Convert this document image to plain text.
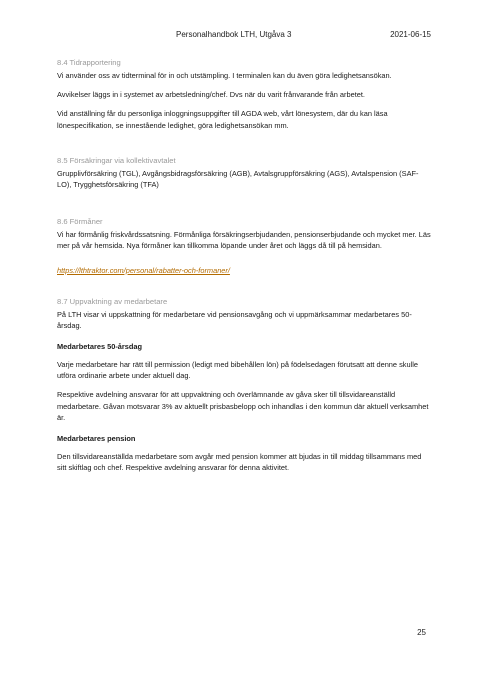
Personalhandbok LTH, Utgåva 3	2021-06-15
8.4 Tidrapportering

Vi använder oss av tidterminal för in och utstämpling. I terminalen kan du även göra ledighetsansökan.

Avvikelser läggs in i systemet av arbetsledning/chef. Dvs när du varit frånvarande från arbetet.

Vid anställning får du personliga inloggningsuppgifter till AGDA web, vårt lönesystem, där du kan läsa lönespecifikation, se innestående ledighet, göra ledighetsansökan mm.

8.5 Försäkringar via kollektivavtalet

Grupplivförsäkring (TGL), Avgångsbidragsförsäkring (AGB), Avtalsgruppförsäkring (AGS), Avtalspension (SAF-LO), Trygghetsförsäkring (TFA)

8.6 Förmåner

Vi har förmånlig friskvårdssatsning. Förmånliga försäkringserbjudanden, pensionserbjudande och mycket mer. Läs mer på vår hemsida. Nya förmåner kan tillkomma löpande under året och läggs då till på hemsidan.

https://lthtraktor.com/personal/rabatter-och-formaner/
8.7 Uppvaktning av medarbetare

På LTH visar vi uppskattning för medarbetare vid pensionsavgång och vi uppmärksammar medarbetares 50-årsdag.

Medarbetares 50-årsdag

Varje medarbetare har rätt till permission (ledigt med bibehållen lön) på födelsedagen förutsatt att denne skulle utföra ordinarie arbete under aktuell dag.

Respektive avdelning ansvarar för att uppvaktning och överlämnande av gåva sker till tillsvidareanställd medarbetare. Gåvan motsvarar 3% av aktuellt prisbasbelopp och inhandlas i den kommun där aktuell verksamhet är.

Medarbetares pension

Den tillsvidareanställda medarbetare som avgår med pension kommer att bjudas in till middag tillsammans med sitt skiftlag och chef. Respektive avdelning ansvarar för denna aktivitet.

25
